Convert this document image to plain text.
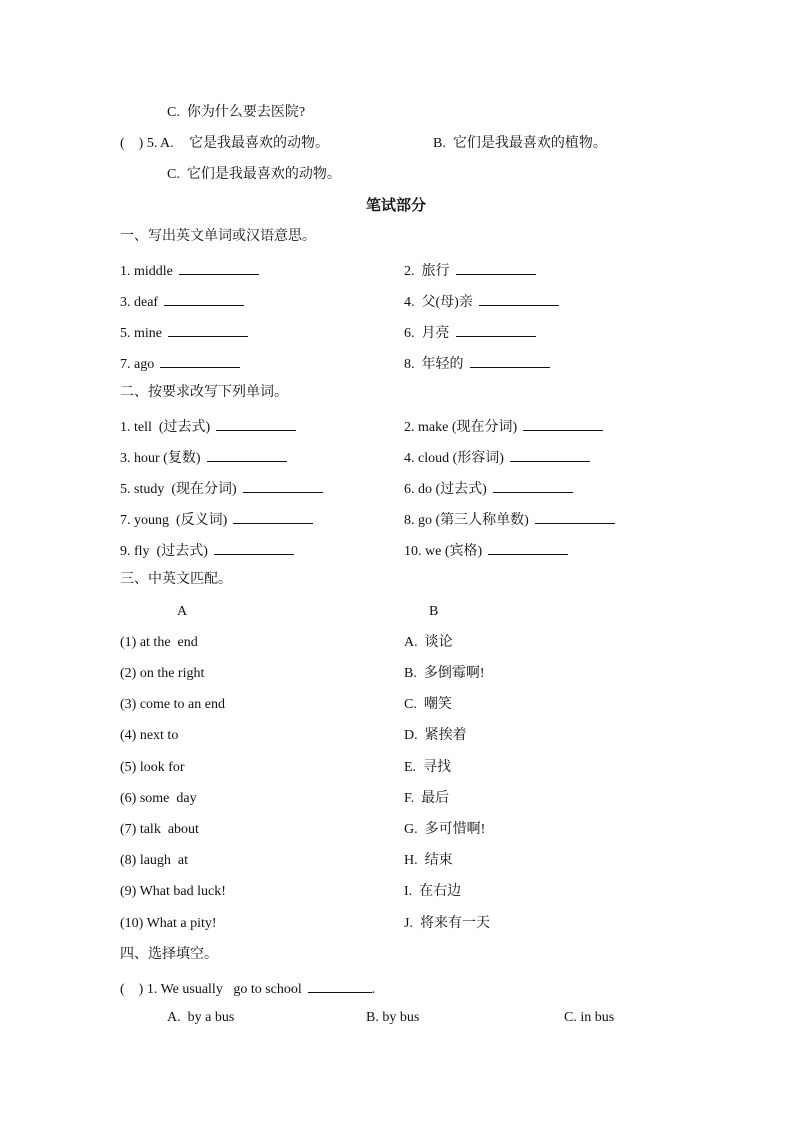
C.  你为什么要去医院?
(    ) 5. A. 它是我最喜欢的动物。	B.  它们是我最喜欢的植物。
C.  它们是我最喜欢的动物。
笔试部分
一、写出英文单词或汉语意思。
1. middle	2.  旅行
3. deaf	4.  父(母)亲
5. mine	6.  月亮
7. ago	8.  年轻的
二、按要求改写下列单词。
1. tell  (过去式)	2. make (现在分词)
3. hour (复数)	4. cloud (形容词)
5. study  (现在分词)	6. do (过去式)
7. young  (反义词)	8. go (第三人称单数)
9. fly  (过去式)	10. we (宾格)
三、中英文匹配。
A	B
(1) at the  end	A.  谈论
(2) on the right	B.  多倒霉啊!
(3) come to an end	C.  嘲笑
(4) next to	D.  紧挨着
(5) look for	E.  寻找
(6) some  day	F.  最后
(7) talk  about	G.  多可惜啊!
(8) laugh  at	H.  结束
(9) What bad luck!	I.  在右边
(10) What a pity!	J.  将来有一天
四、选择填空。
(    ) 1. We usually   go to school	.
A.  by a bus	B. by bus	C. in bus
